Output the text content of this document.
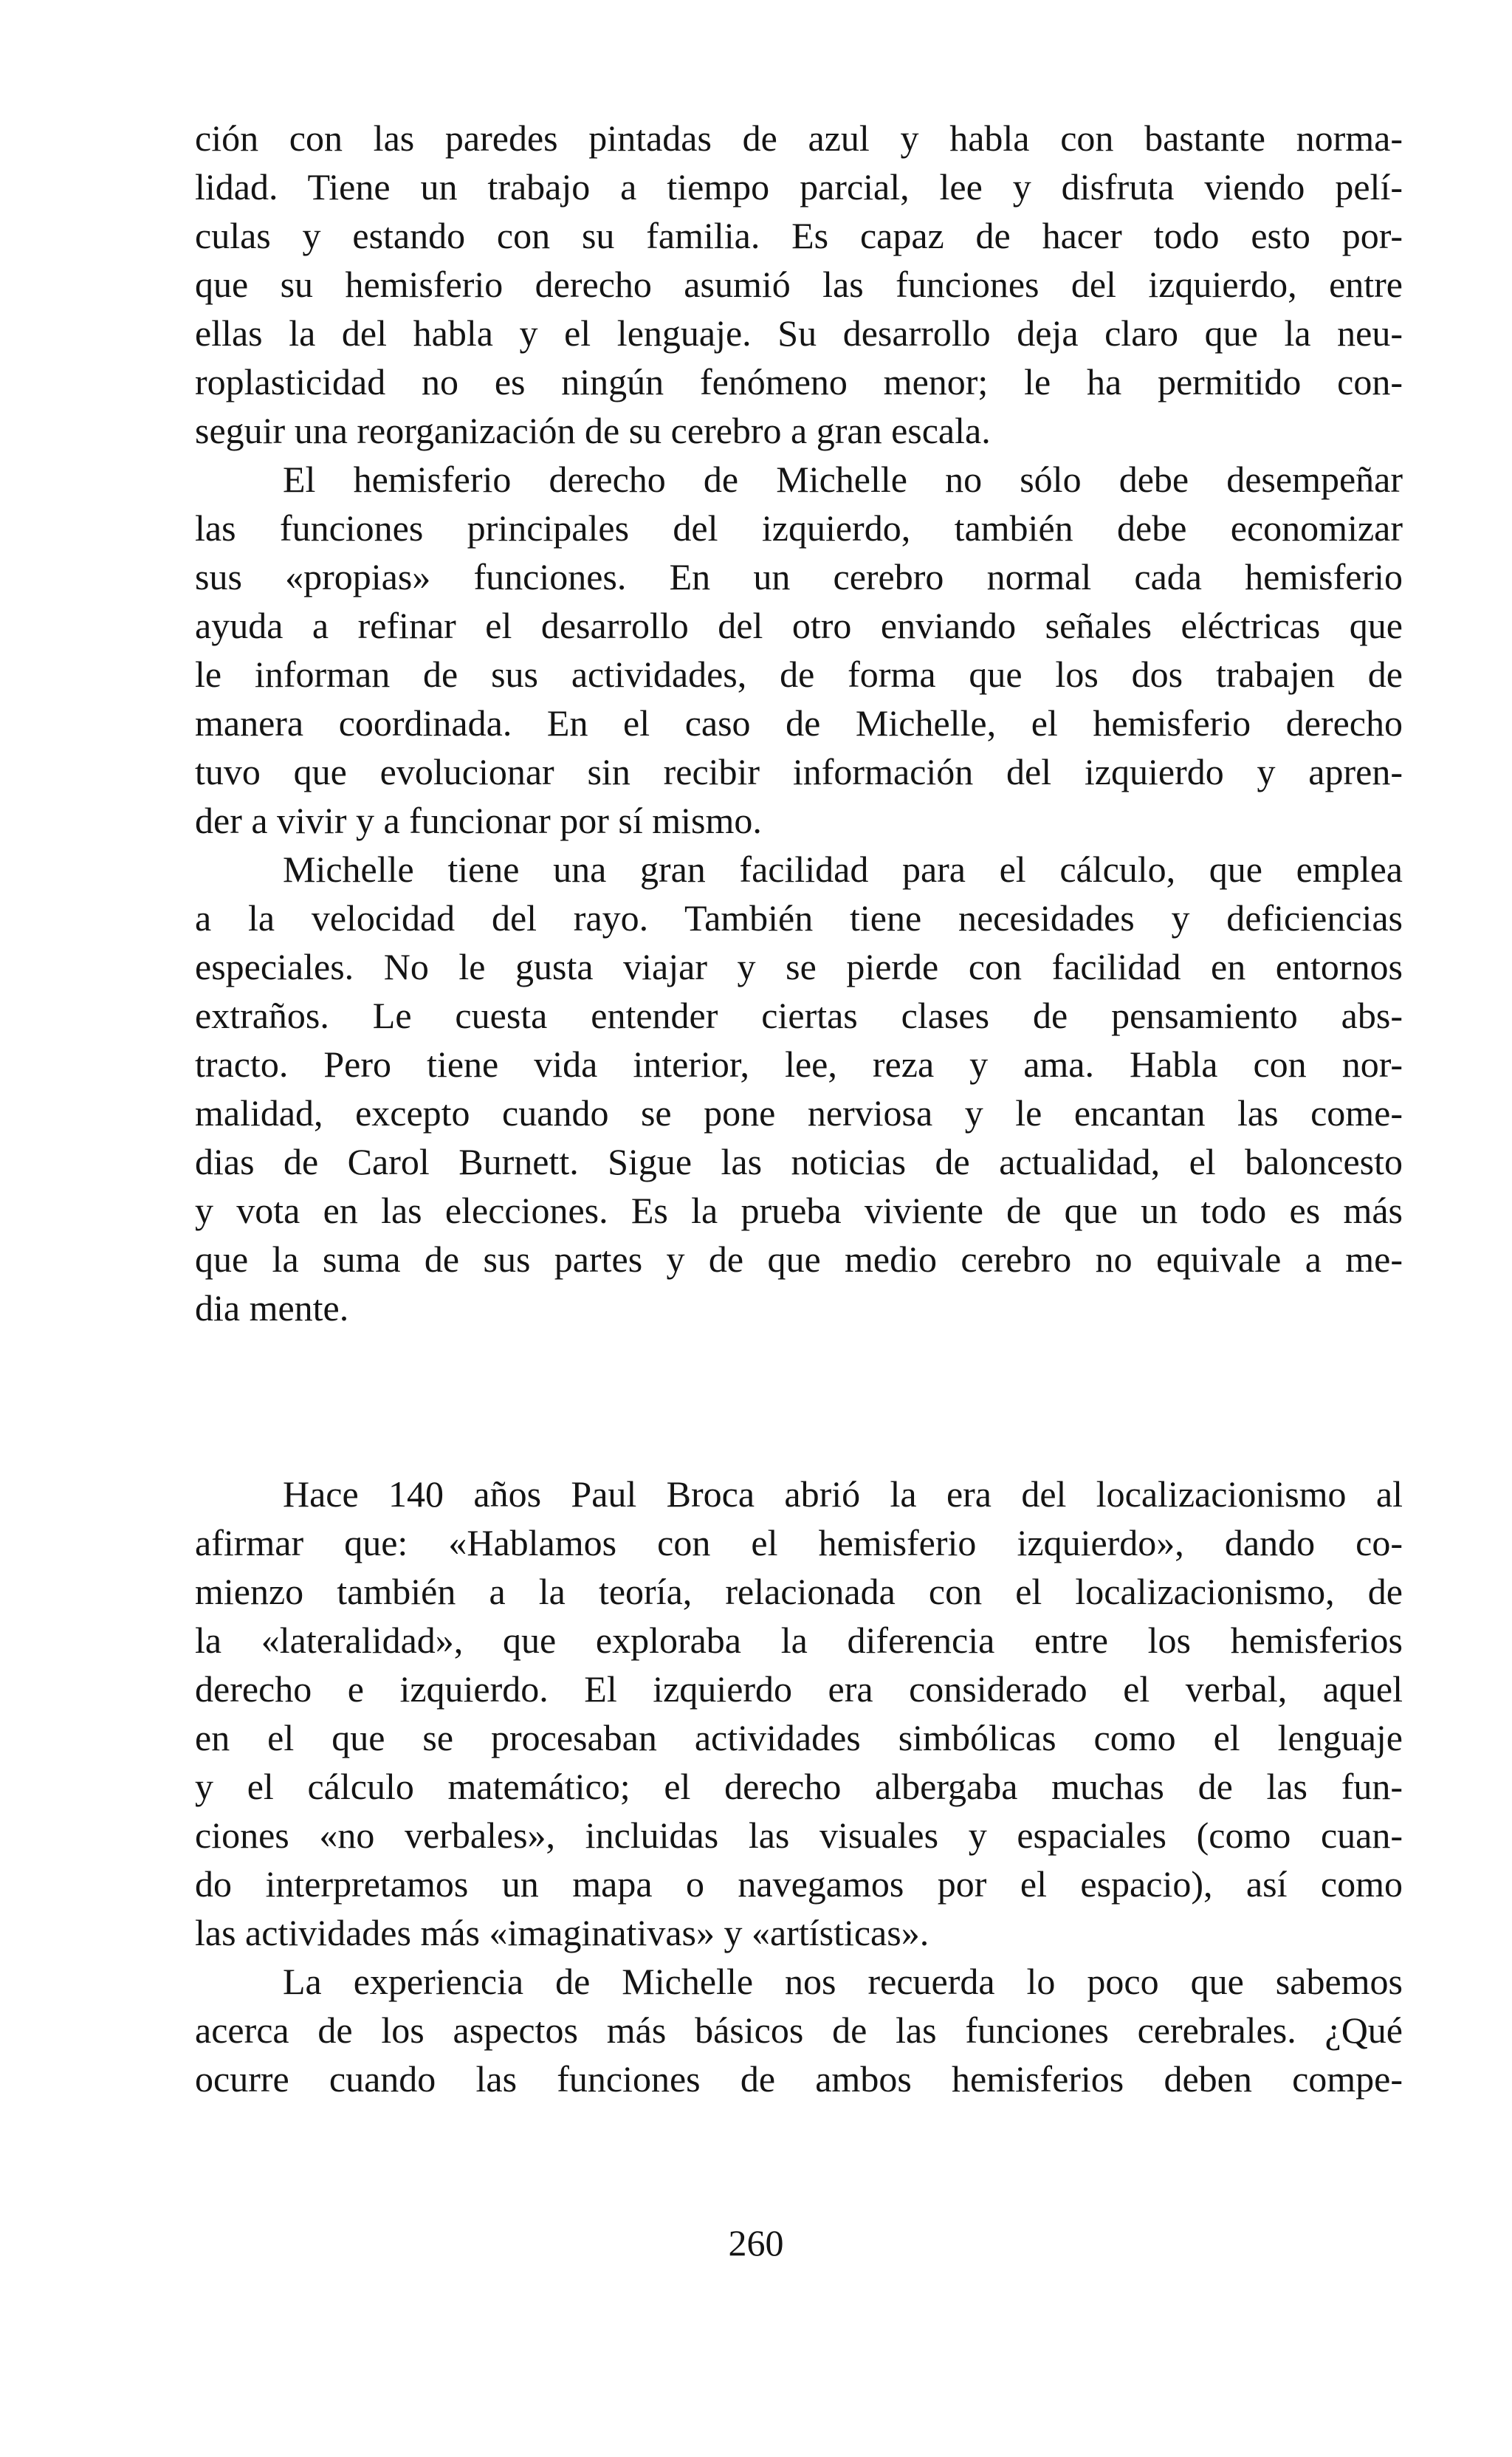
ción con las paredes pintadas de azul y habla con bastante norma-
lidad. Tiene un trabajo a tiempo parcial, lee y disfruta viendo pelí-
culas y estando con su familia. Es capaz de hacer todo esto por-
que su hemisferio derecho asumió las funciones del izquierdo, entre
ellas la del habla y el lenguaje. Su desarrollo deja claro que la neu-
roplasticidad no es ningún fenómeno menor; le ha permitido con-
seguir una reorganización de su cerebro a gran escala.
El hemisferio derecho de Michelle no sólo debe desempeñar
las funciones principales del izquierdo, también debe economizar
sus «propias» funciones. En un cerebro normal cada hemisferio
ayuda a refinar el desarrollo del otro enviando señales eléctricas que
le informan de sus actividades, de forma que los dos trabajen de
manera coordinada. En el caso de Michelle, el hemisferio derecho
tuvo que evolucionar sin recibir información del izquierdo y apren-
der a vivir y a funcionar por sí mismo.
Michelle tiene una gran facilidad para el cálculo, que emplea
a la velocidad del rayo. También tiene necesidades y deficiencias
especiales. No le gusta viajar y se pierde con facilidad en entornos
extraños. Le cuesta entender ciertas clases de pensamiento abs-
tracto. Pero tiene vida interior, lee, reza y ama. Habla con nor-
malidad, excepto cuando se pone nerviosa y le encantan las come-
dias de Carol Burnett. Sigue las noticias de actualidad, el baloncesto
y vota en las elecciones. Es la prueba viviente de que un todo es más
que la suma de sus partes y de que medio cerebro no equivale a me-
dia mente.
Hace 140 años Paul Broca abrió la era del localizacionismo al
afirmar que: «Hablamos con el hemisferio izquierdo», dando co-
mienzo también a la teoría, relacionada con el localizacionismo, de
la «lateralidad», que exploraba la diferencia entre los hemisferios
derecho e izquierdo. El izquierdo era considerado el verbal, aquel
en el que se procesaban actividades simbólicas como el lenguaje
y el cálculo matemático; el derecho albergaba muchas de las fun-
ciones «no verbales», incluidas las visuales y espaciales (como cuan-
do interpretamos un mapa o navegamos por el espacio), así como
las actividades más «imaginativas» y «artísticas».
La experiencia de Michelle nos recuerda lo poco que sabemos
acerca de los aspectos más básicos de las funciones cerebrales. ¿Qué
ocurre cuando las funciones de ambos hemisferios deben compe-
260
